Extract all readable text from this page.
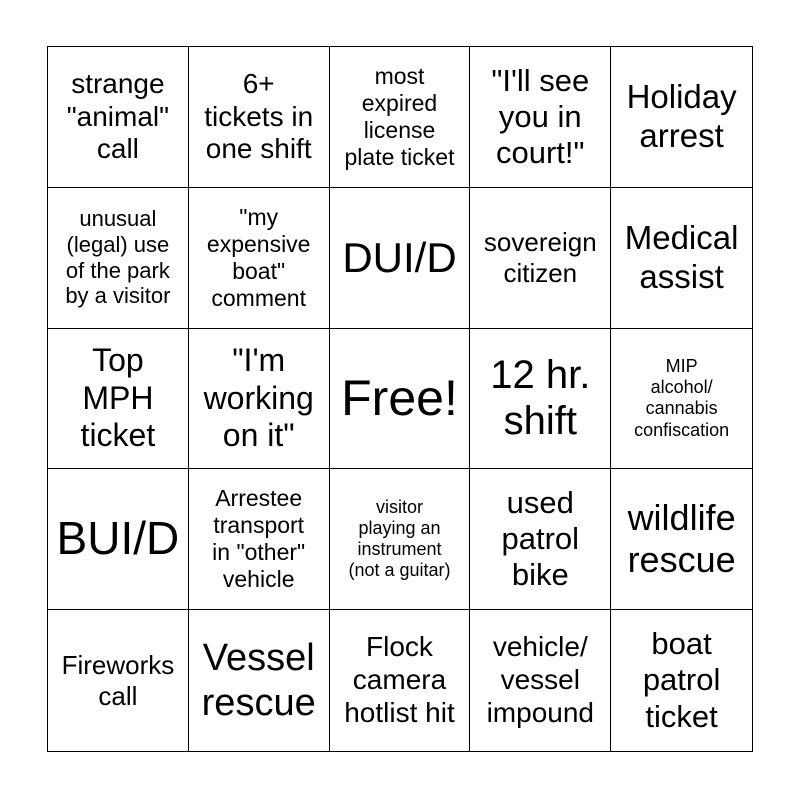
strange
"animal"
call
6+
tickets in
one shift
most
expired
license
plate ticket
"I'll see
you in
court!"
Holiday
arrest
unusual
(legal) use
of the park
by a visitor
"my
expensive
boat"
comment
DUI/D sovereign
citizen
Medical
assist
Top
MPH
ticket
"I'm
working
on it"
Free! 12 hr.
shift
MIP
alcohol/
cannabis
confiscation
BUI/D
Arrestee
transport
in "other"
vehicle
visitor
playing an
instrument
(not a guitar)
used
patrol
bike
wildlife
rescue
Fireworks
call
Vessel
rescue
Flock
camera
hotlist hit
vehicle/
vessel
impound
boat
patrol
ticket
